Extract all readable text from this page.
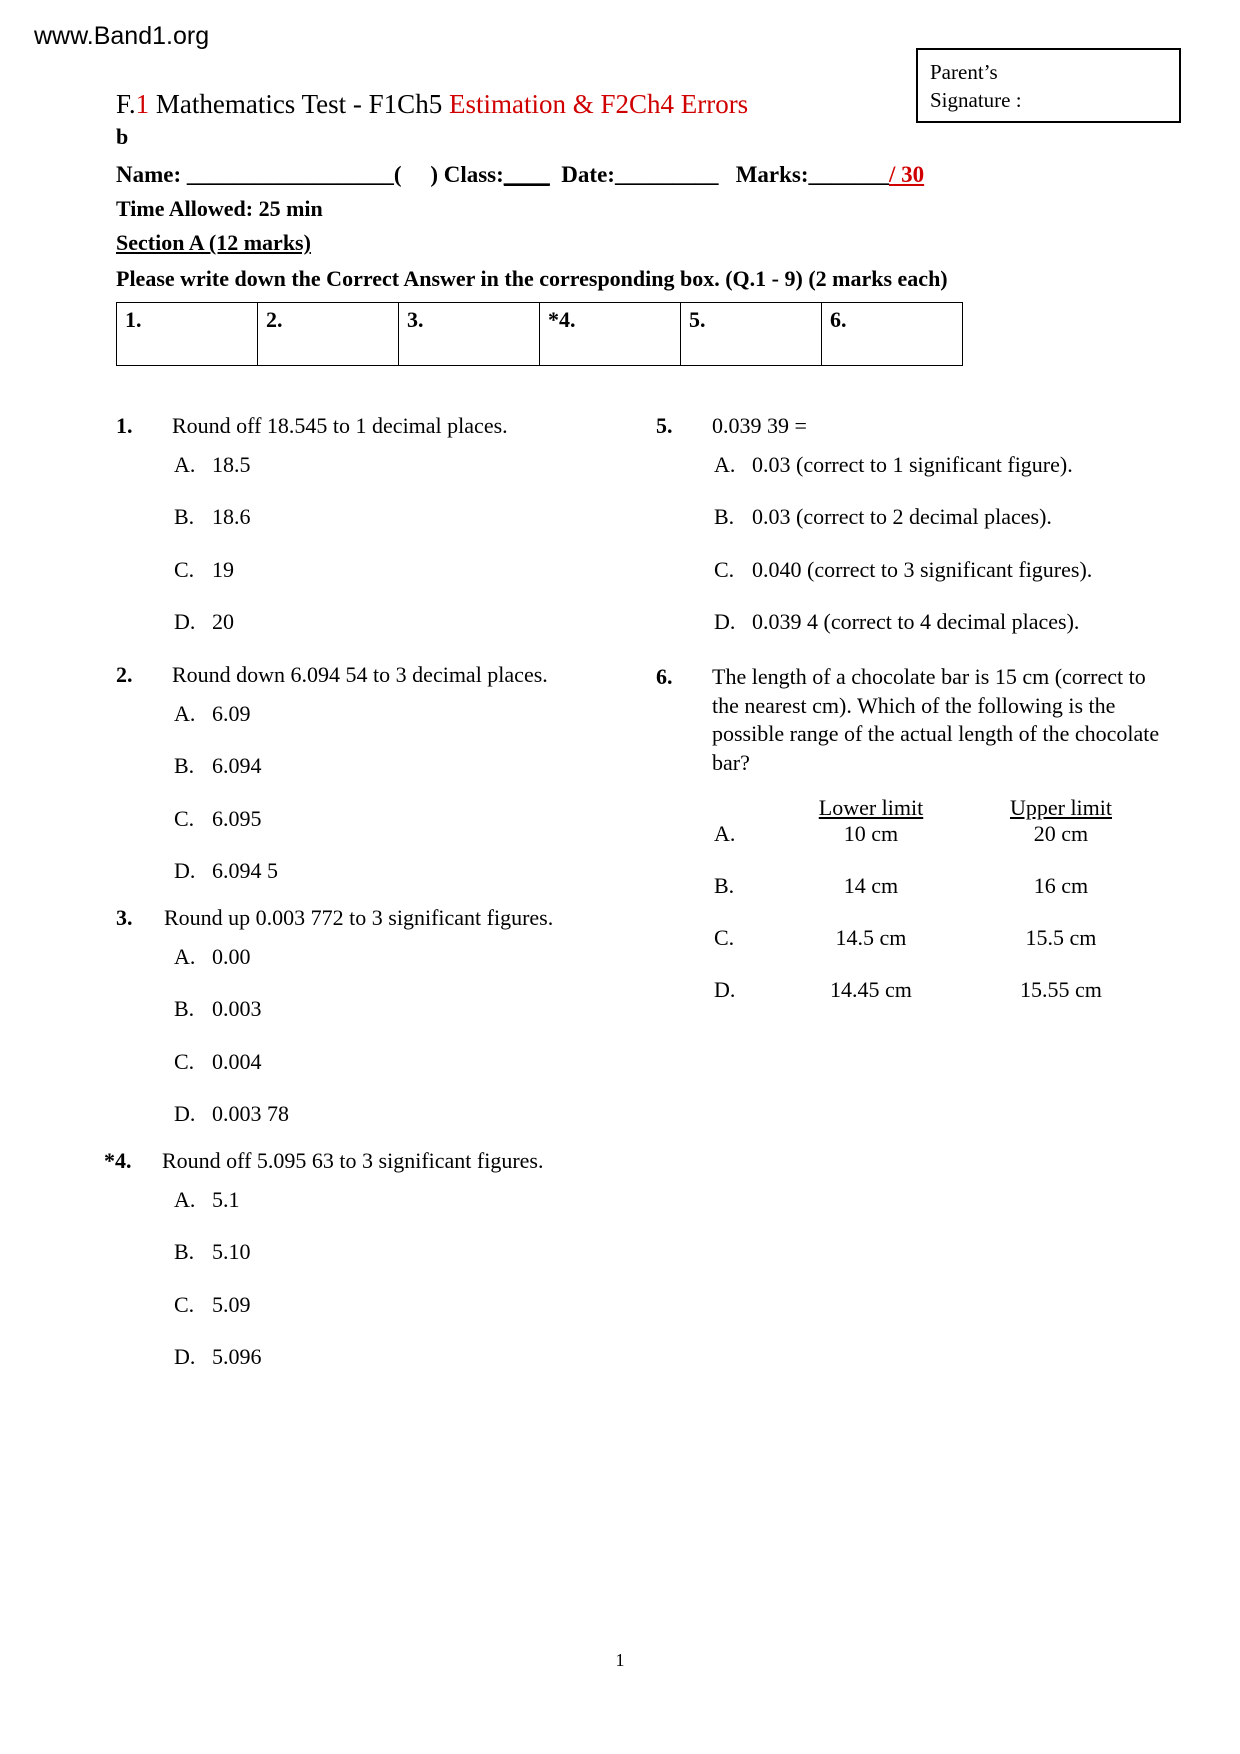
www.Band1.org
Parent’s
Signature :
F.1 Mathematics Test - F1Ch5 Estimation & F2Ch4 Errors
b
Name: __________________( ) Class:____ Date:_________ Marks:_______/ 30
Time Allowed: 25 min
Section A (12 marks)
Please write down the Correct Answer in the corresponding box. (Q.1 - 9) (2 marks each)
1.	2.	3.	*4.	5.	6.
1.	Round off 18.545 to 1 decimal places.
A. 18.5
B. 18.6
C. 19
D. 20
2.	Round down 6.094 54 to 3 decimal places.
A. 6.09
B. 6.094
C. 6.095
D. 6.094 5
3.	Round up 0.003 772 to 3 significant figures.
A. 0.00
B. 0.003
C. 0.004
D. 0.003 78
*4.	Round off 5.095 63 to 3 significant figures.
A. 5.1
B. 5.10
C. 5.09
D. 5.096
5.	0.039 39 =
A. 0.03 (correct to 1 significant figure).
B. 0.03 (correct to 2 decimal places).
C. 0.040 (correct to 3 significant figures).
D. 0.039 4 (correct to 4 decimal places).
6.	The length of a chocolate bar is 15 cm (correct to the nearest cm). Which of the following is the possible range of the actual length of the chocolate bar?
Lower limit	Upper limit
A.	10 cm	20 cm
B.	14 cm	16 cm
C.	14.5 cm	15.5 cm
D.	14.45 cm	15.55 cm
1
